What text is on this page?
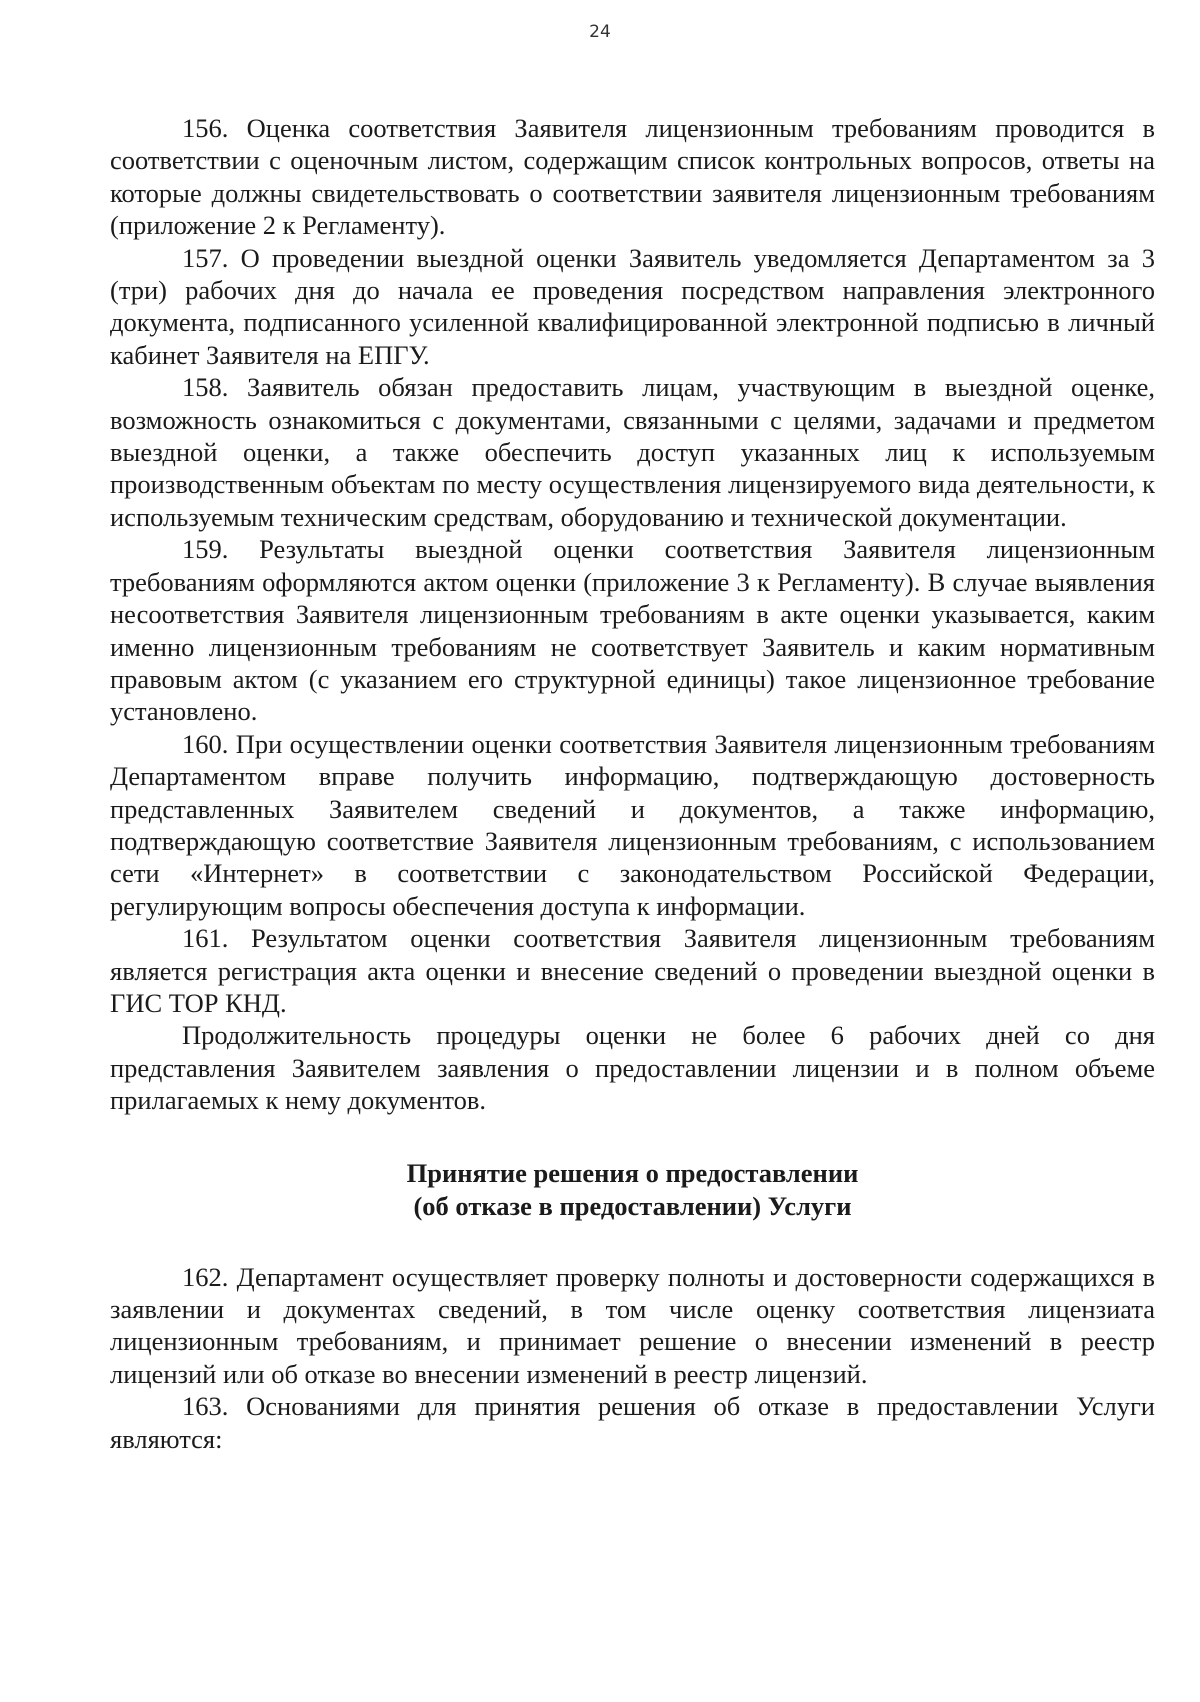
24

156. Оценка соответствия Заявителя лицензионным требованиям проводится в соответствии с оценочным листом, содержащим список контрольных вопросов, ответы на которые должны свидетельствовать о соответствии заявителя лицензионным требованиям (приложение 2 к Регламенту).

157. О проведении выездной оценки Заявитель уведомляется Департаментом за 3 (три) рабочих дня до начала ее проведения посредством направления электронного документа, подписанного усиленной квалифицированной электронной подписью в личный кабинет Заявителя на ЕПГУ.

158. Заявитель обязан предоставить лицам, участвующим в выездной оценке, возможность ознакомиться с документами, связанными с целями, задачами и предметом выездной оценки, а также обеспечить доступ указанных лиц к используемым производственным объектам по месту осуществления лицензируемого вида деятельности, к используемым техническим средствам, оборудованию и технической документации.

159. Результаты выездной оценки соответствия Заявителя лицензионным требованиям оформляются актом оценки (приложение 3 к Регламенту). В случае выявления несоответствия Заявителя лицензионным требованиям в акте оценки указывается, каким именно лицензионным требованиям не соответствует Заявитель и каким нормативным правовым актом (с указанием его структурной единицы) такое лицензионное требование установлено.

160. При осуществлении оценки соответствия Заявителя лицензионным требованиям Департаментом вправе получить информацию, подтверждающую достоверность представленных Заявителем сведений и документов, а также информацию, подтверждающую соответствие Заявителя лицензионным требованиям, с использованием сети «Интернет» в соответствии с законодательством Российской Федерации, регулирующим вопросы обеспечения доступа к информации.

161. Результатом оценки соответствия Заявителя лицензионным требованиям является регистрация акта оценки и внесение сведений о проведении выездной оценки в ГИС ТОР КНД.

Продолжительность процедуры оценки не более 6 рабочих дней со дня представления Заявителем заявления о предоставлении лицензии и в полном объеме прилагаемых к нему документов.

Принятие решения о предоставлении
(об отказе в предоставлении) Услуги

162. Департамент осуществляет проверку полноты и достоверности содержащихся в заявлении и документах сведений, в том числе оценку соответствия лицензиата лицензионным требованиям, и принимает решение о внесении изменений в реестр лицензий или об отказе во внесении изменений в реестр лицензий.

163. Основаниями для принятия решения об отказе в предоставлении Услуги являются:
